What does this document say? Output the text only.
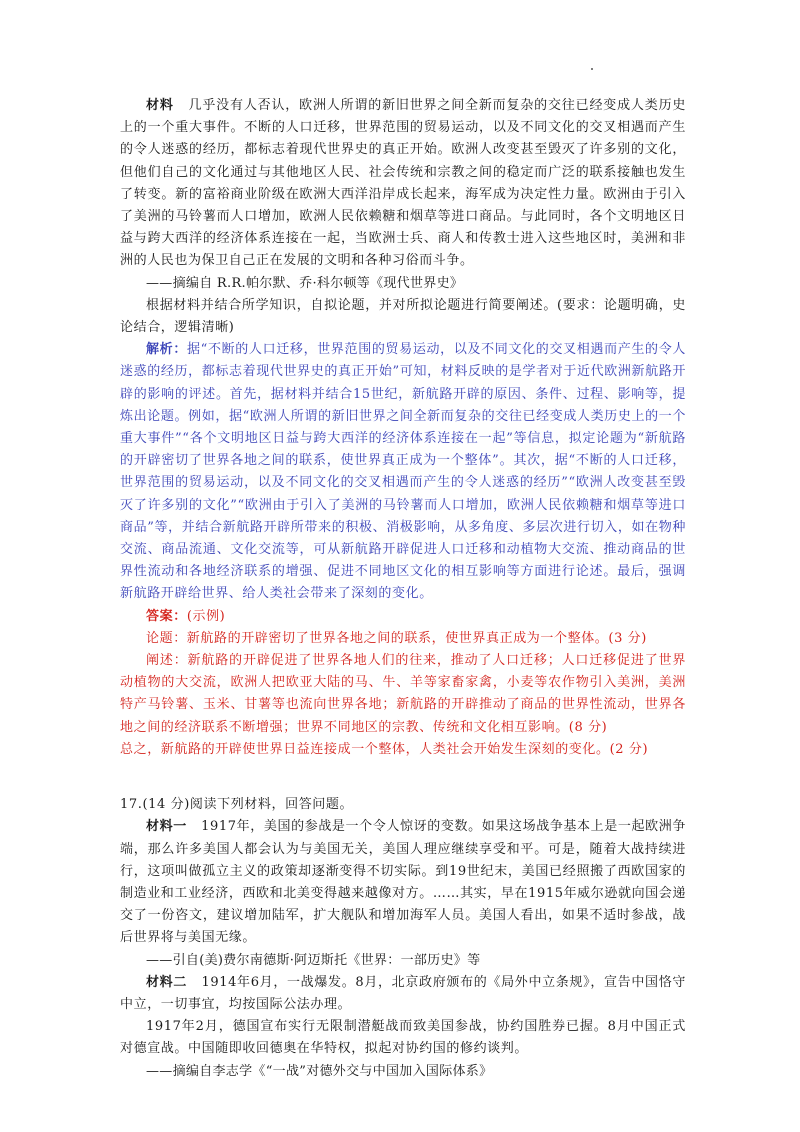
材料 几乎没有人否认，欧洲人所谓的新旧世界之间全新而复杂的交往已经变成人类历史上的一个重大事件。不断的人口迁移，世界范围的贸易运动，以及不同文化的交叉相遇而产生的令人迷惑的经历，都标志着现代世界史的真正开始。欧洲人改变甚至毁灭了许多别的文化，但他们自己的文化通过与其他地区人民、社会传统和宗教之间的稳定而广泛的联系接触也发生了转变。新的富裕商业阶级在欧洲大西洋沿岸成长起来，海军成为决定性力量。欧洲由于引入了美洲的马铃薯而人口增加，欧洲人民依赖糖和烟草等进口商品。与此同时，各个文明地区日益与跨大西洋的经济体系连接在一起，当欧洲士兵、商人和传教士进入这些地区时，美洲和非洲的人民也为保卫自己正在发展的文明和各种习俗而斗争。

——摘编自 R.R.帕尔默、乔·科尔顿等《现代世界史》

根据材料并结合所学知识，自拟论题，并对所拟论题进行简要阐述。(要求：论题明确，史论结合，逻辑清晰)

解析：据“不断的人口迁移，世界范围的贸易运动，以及不同文化的交叉相遇而产生的令人迷惑的经历，都标志着现代世界史的真正开始”可知，材料反映的是学者对于近代欧洲新航路开辟的影响的评述。首先，据材料并结合15世纪，新航路开辟的原因、条件、过程、影响等，提炼出论题。例如，据“欧洲人所谓的新旧世界之间全新而复杂的交往已经变成人类历史上的一个重大事件”“各个文明地区日益与跨大西洋的经济体系连接在一起”等信息，拟定论题为“新航路的开辟密切了世界各地之间的联系，使世界真正成为一个整体”。其次，据“不断的人口迁移，世界范围的贸易运动，以及不同文化的交叉相遇而产生的令人迷惑的经历”“欧洲人改变甚至毁灭了许多别的文化”“欧洲由于引入了美洲的马铃薯而人口增加，欧洲人民依赖糖和烟草等进口商品”等，并结合新航路开辟所带来的积极、消极影响，从多角度、多层次进行切入，如在物种交流、商品流通、文化交流等，可从新航路开辟促进人口迁移和动植物大交流、推动商品的世界性流动和各地经济联系的增强、促进不同地区文化的相互影响等方面进行论述。最后，强调新航路开辟给世界、给人类社会带来了深刻的变化。

答案：(示例)

论题：新航路的开辟密切了世界各地之间的联系，使世界真正成为一个整体。(3 分)

阐述：新航路的开辟促进了世界各地人们的往来，推动了人口迁移；人口迁移促进了世界动植物的大交流，欧洲人把欧亚大陆的马、牛、羊等家畜家禽，小麦等农作物引入美洲，美洲特产马铃薯、玉米、甘薯等也流向世界各地；新航路的开辟推动了商品的世界性流动，世界各地之间的经济联系不断增强；世界不同地区的宗教、传统和文化相互影响。(8 分)

总之，新航路的开辟使世界日益连接成一个整体，人类社会开始发生深刻的变化。(2 分)

17.(14 分)阅读下列材料，回答问题。

材料一 1917年，美国的参战是一个令人惊讶的变数。如果这场战争基本上是一起欧洲争端，那么许多美国人都会认为与美国无关，美国人理应继续享受和平。可是，随着大战持续进行，这项叫做孤立主义的政策却逐渐变得不切实际。到19世纪末，美国已经照搬了西欧国家的制造业和工业经济，西欧和北美变得越来越像对方。……其实，早在1915年威尔逊就向国会递交了一份咨文，建议增加陆军，扩大舰队和增加海军人员。美国人看出，如果不适时参战，战后世界将与美国无缘。

——引自(美)费尔南德斯·阿迈斯托《世界：一部历史》等

材料二 1914年6月，一战爆发。8月，北京政府颁布的《局外中立条规》，宣告中国恪守中立，一切事宜，均按国际公法办理。

1917年2月，德国宣布实行无限制潜艇战而致美国参战，协约国胜券已握。8月中国正式对德宣战。中国随即收回德奥在华特权，拟起对协约国的修约谈判。

——摘编自李志学《“一战”对德外交与中国加入国际体系》
